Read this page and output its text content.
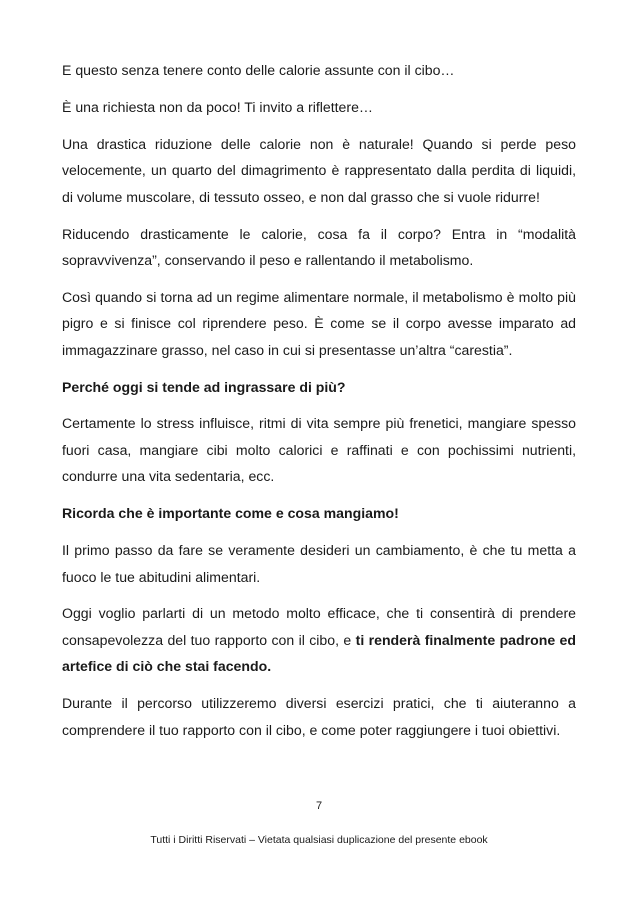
E questo senza tenere conto delle calorie assunte con il cibo…

È una richiesta non da poco! Ti invito a riflettere…

Una drastica riduzione delle calorie non è naturale! Quando si perde peso velocemente, un quarto del dimagrimento è rappresentato dalla perdita di liquidi, di volume muscolare, di tessuto osseo, e non dal grasso che si vuole ridurre!

Riducendo drasticamente le calorie, cosa fa il corpo? Entra in “modalità sopravvivenza”, conservando il peso e rallentando il metabolismo.

Così quando si torna ad un regime alimentare normale, il metabolismo è molto più pigro e si finisce col riprendere peso. È come se il corpo avesse imparato ad immagazzinare grasso, nel caso in cui si presentasse un’altra “carestia”.

Perché oggi si tende ad ingrassare di più?

Certamente lo stress influisce, ritmi di vita sempre più frenetici, mangiare spesso fuori casa, mangiare cibi molto calorici e raffinati e con pochissimi nutrienti, condurre una vita sedentaria, ecc.

Ricorda che è importante come e cosa mangiamo!

Il primo passo da fare se veramente desideri un cambiamento, è che tu metta a fuoco le tue abitudini alimentari.

Oggi voglio parlarti di un metodo molto efficace, che ti consentirà di prendere consapevolezza del tuo rapporto con il cibo, e ti renderà finalmente padrone ed artefice di ciò che stai facendo.

Durante il percorso utilizzeremo diversi esercizi pratici, che ti aiuteranno a comprendere il tuo rapporto con il cibo, e come poter raggiungere i tuoi obiettivi.

7
Tutti i Diritti Riservati – Vietata qualsiasi duplicazione del presente ebook
